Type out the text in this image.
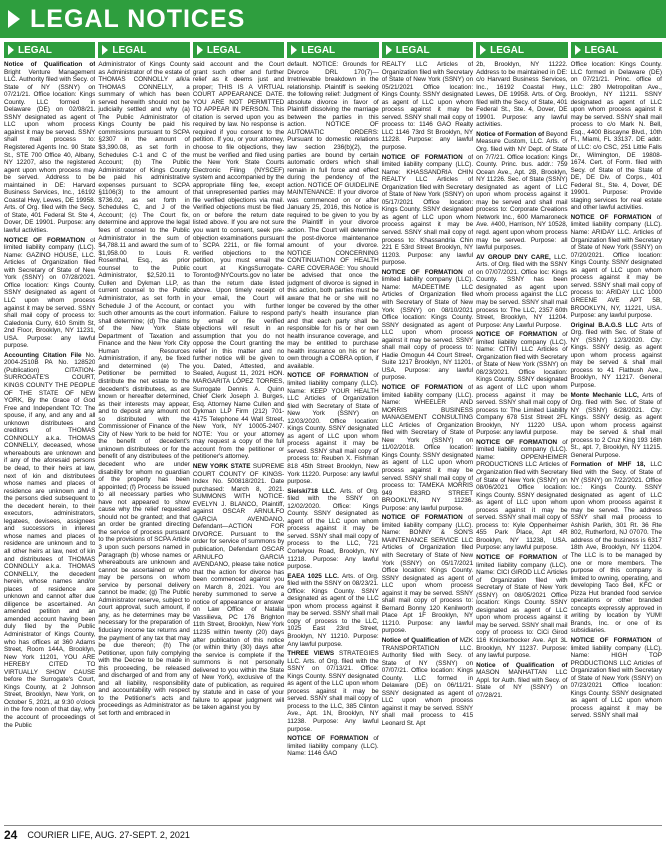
LEGAL NOTICES
LEGAL

Notice of Qualification of Bright Venture Management LLC. Authority filed with Secy. of State of NY (SSNY) on 07/21/21. Office location: Kings County. LLC formed in Delaware (DE) on 02/08/21. SSNY designated as agent of LLC upon whom process against it may be served. SSNY shall mail process to: Registered Agents Inc. 90 State St., STE 700 Office 40, Albany, NY 12207, also the registered agent upon whom process may be served. Address to be maintained in DE: Harvard Business Services, Inc., 16192 Coastal Hwy, Lewes, DE 19958. Arts. of Org. filed with the Secy. of State, 401 Federal St. Ste 4, Dover, DE 19901. Purpose: any lawful activities.

NOTICE OF FORMATION of limited liability company (LLC). Name: GAZINO HOUSE, LLC. Articles of Organization filed with Secretary of State of New York (SSNY) on 07/28/2021. Office location: Kings County. SSNY designated as agent of LLC upon whom process against it may be served. SSNY shall mail copy of process to: Caledonia Curry, 610 Smith St, 2nd Floor, Brooklyn, NY 11231, USA. Purpose: any lawful purpose.

Accounting Citation File No. 2004-2510B PA No. 128520 (Publication) CITATION-SURROGATE'S COURT, KINGS COUNTY THE PEOPLE OF THE STATE OF NEW YORK, By the Grace of God Free and Independent TO: The spouse, if any, and any and all unknown distributees and creditors of THOMAS CONNOLLY a.k.a. THOMAS CONNELLY, deceased, whose whereabouts are unknown and if any of the aforesaid persons be dead, to their heirs at law, next of kin and distributees whose names and places of residence are unknown and if the persons died subsequent to the decedent herein, to their executors, administrators, legatees, devisees, assignees and successors in interest whose names and places of residence are unknown and to all other heirs at law, next of kin and distributees of THOMAS CONNOLLY a.k.a. THOMAS CONNELLY, the decedent herein, whose names and/or places of residence are unknown and cannot after due diligence be ascertained. An amended petition and an amended account having been duly filed by the Public Administrator of Kings County, who has offices at 360 Adams Street, Room 144A, Brooklyn, New York 11201, YOU ARE HEREBY CITED TO VIRTUALLY SHOW CAUSE before the Surrogate's Court, Kings County, at 2 Johnson Street, Brooklyn, New York, on October 5, 2021, at 9:30 o'clock in the fore noon of that day, why the account of proceedings of the Public

LEGAL

Administrator of Kings County as Administrator of the estate of THOMAS CONNOLLY a/k/a THOMAS CONNELLY, a summary of which has been served herewith should not be judicially settled and why (a) The Public Administrator of Kings County be paid his commissions pursuant to SCPA §2307 in the amount of $3,390.08, as set forth in Schedules C-1 and C of the Account; (b) The Public Administrator of Kings County be paid his administrative expenses pursuant to SCPA §1106(3) to the amount of $736.02, as set forth in Schedules C, and J of the Account; (c) The Court fix, determine and approve the legal fees of counsel to the Public Administrator in the sum of $4,788.11 and award the sum of $1,958.00 to Louis R. Rosenthal, Esq., as prior counsel to the Public Administrator, $2,520.11 to Cullen and Dykman LLP, as current counsel to the Public Administrator, as set forth in Schedule J of the Account, or such other amounts as the court shall determine; (d) The claims of the New York State Department of Taxation and Finance and the New York City Human Resources Administration, if any, be fixed and determined (e) The Petitioner be permitted to distribute the net estate to the decedent's distributees, as are known or hereafter determined, as their interests may appear, and to deposit any amount not so distributed with the Commissioner of Finance of the City of New York to be held for the benefit of decedent's unknown distributees or for the benefit of any distributees of the decedent who are under disability for whom no guardian of the property has been appointed; (f) Process be issued to all necessary parties who have not appeared to show cause why the relief requested should not be granted; and that an order be granted directing the service of process pursuant to the provisions of SCPA Article 3 upon such persons named in Paragraph (b) whose names or whereabouts are unknown and cannot be ascertained or who may be persons on whom service by personal delivery cannot be made; (g) The Public Administrator reserve, subject to court approval, such amount, if any, as he determines may be necessary for the preparation of fiduciary income tax returns and the payment of any tax that may be due thereon; (h) The Petitioner, upon fully complying with the Decree to be made in this proceeding, be released and discharged of and from any and all liability, responsibility and accountability with respect to the Petitioner's acts and proceedings as Administrator as set forth and embraced in

LEGAL

said account and the Court grant such other and further relief as it deems just and proper; THIS IS A VIRTUAL COURT APPEARANCE DATE. YOU ARE NOT PERMITTED TO APPEAR IN PERSON. This citation is served upon you as required by law. No response is required if you consent to the petition. If you, or your attorney, choose to file objections, they must be verified and filed using the New York State Courts Electronic Filing (NYSCEF) system and accompanied by the appropriate filing fee, except that unrepresented parties may file verified objections via mail. Verified objections must be filed on or before the return date listed above. If you are not sure you want to consent, seek pre-objection examinations pursuant to SCPA 2211, or file formal verified objections to the petition, you must email the court at KingsSurrogate-Toronto@NYCourts.gov no later than the return date listed above. Upon timely receipt of your email, the Court will contact you with further information. Failure to respond by email or file verified objections will result in an assumption that you do not oppose the Court granting the relief in this matter and no further notice will be given to you. Dated, Attested, and Sealed, August 11, 2021 HON. MARGARITA LÓPEZ TORRES, Surrogate Dennis A. Quinn Chief Clerk Joseph J. Burges, Esq. Attorney Name Cullen and Dykman LLP Firm (212) 701-4175 Telephone 44 Wall Street, New York, NY 10005-2407. NOTE: You or your attorney may request a copy of the full account from the petitioner or petitioner's attorney.

NEW YORK STATE SUPREME COURT COUNTY OF KINGS- Index No. 500818/2021. Date purchased: March 8, 2021. SUMMONS WITH NOTICE. EVELYN J. BLANCO, Plaintiff, against OSCAR ARNULFO GARCIA AVENDANO, Defendant—ACTION FOR DIVORCE. Pursuant to the order for service of summons by publication, Defendant OSCAR ARNULFO GARCIA AVENDANO, please take notice that the action for divorce has been commenced against you on March 8, 2021. You are hereby summoned to serve a notice of appearance or answer on Law Office of Natalia Vassilieva, PC 176 Brighton 11th Street, Brooklyn, New York 11235 within twenty (20) days after publication of this notice (or within thirty (30) days after the service is complete if the summons is not personally delivered to you within the State of New York), exclusive of the date of publication, as required by statute and in case of your failure to appear judgment will be taken against you by

LEGAL

default. NOTICE: Grounds for Divorce DRL 170(7)—Irretrievable breakdown in the relationship. Plaintiff is seeking the following relief: Judgment of absolute divorce in favor of Plaintiff dissolving the marriage between the parties in this action. NOTICE OF AUTOMATIC ORDERS: Pursuant to domestic relations law section 236(b)(2), the parties are bound by certain automatic orders which shall remain in full force and effect during the pendency of the action. NOTICE OF GUIDELINE MAINTENANCE: If your divorce was commenced on or after January 25, 2016, this Notice is required to be given to you by the Plaintiff in your divorce action. The Court will determine the post-divorce maintenance amount of your divorce. NOTICE CONCERNING CONTINUATION OF HEALTH CARE COVERAGE: You should be advised that once the judgment of divorce is signed in this action, both parties must be aware that he or she will no longer be covered by the other party's health insurance plan and that each party shall be responsible for his or her own health insurance coverage, and may be entitled to purchase health insurance on his or her own through a COBRA option, if available.

NOTICE OF FORMATION of limited liability company (LLC). Name: KEEP YOUR HEALTH LLC Articles of Organization filed with Secretary of State of New York (SSNY) on 12/03/2020. Office location: Kings County. SSNY designated as agent of LLC upon whom process against it may be served. SSNY shall mail copy of process to: Reuben X. Fishman 818 45th Street Brooklyn, New York 11220. Purpose: any lawful purpose.

Sielski718 LLC. Arts. of Org. filed with the SSNY on 12/02/2020. Office: Kings County. SSNY designated as agent of the LLC upon whom process against it may be served. SSNY shall mail copy of process to the LLC, 721 Cortelyou Road, Brooklyn, NY 11218. Purpose: Any lawful purpose.

EAEA 1025 LLC. Arts. of Org. filed with the SSNY on 08/23/21. Office: Kings County. SSNY designated as agent of the LLC upon whom process against it may be served. SSNY shall mail copy of process to the LLC, 1025 East 23rd Street, Brooklyn, NY 11210. Purpose: Any lawful purpose.

THREE VIEWS STRATEGIES LLC. Arts. of Org. filed with the SSNY on 07/13/21. Office: Kings County. SSNY designated as agent of the LLC upon whom process against it may be served. SSNY shall mail copy of process to the LLC, 385 Clinton Ave., Apt. 1N, Brooklyn, NY 11238. Purpose: Any lawful purpose.

NOTICE OF FORMATION of limited liability company (LLC). Name: 1146 GAO

LEGAL

REALTY LLC Articles of Organization filed with Secretary of State of New York (SSNY) on 05/21/2021 Office location: Kings County. SSNY designated as agent of LLC upon whom process against it may be served. SSNY shall mail copy of process to: 1146 GAO Realty LLC 1146 73rd St Brooklyn, NY 11228. Purpose: any lawful purpose.

NOTICE OF FORMATION of limited liability company (LLC). Name: KHASSANDRIA CHIN REALTY LLC Articles of Organization filed with Secretary of State of New York (SSNY) on 05/17/2021 Office location: Kings County. SSNY designated as agent of LLC upon whom process against it may be served. SSNY shall mail copy of process to: Khassandria Chin 221 E 53rd Street Brooklyn, NY 11203. Purpose: any lawful purpose.

NOTICE OF FORMATION of limited liability company (LLC). Name: MADEETIME LLC Articles of Organization filed with Secretary of State of New York (SSNY) on 08/10/2021 Office location: Kings County. SSNY designated as agent of LLC upon whom process against it may be served. SSNY shall mail copy of process to: Hadie Omogun 44 Court Street, Suite 1217 Brooklyn, NY 11201, USA. Purpose: any lawful purpose.

NOTICE OF FORMATION of limited liability company (LLC). Name: WHEELER AND MORRIS BUSINESS MANAGEMENT CONSULTING LLC Articles of Organization filed with Secretary of State of New York (SSNY) on 11/02/2018. Office location: Kings County. SSNY designated as agent of LLC upon whom process against it may be served. SSNY shall mail copy of process to: TAMEKA MORRIS 949 E83RD STREET BROOKLYN, NY 11236. Purpose: any lawful purpose.

NOTICE OF FORMATION of limited liability company (LLC). Name: BONNY & SON'S MAINTENANCE SERVICE LLC Articles of Organization filed with Secretary of State of New York (SSNY) on 05/17/2021 Office location: Kings County. SSNY designated as agent of LLC upon whom process against it may be served. SSNY shall mail copy of process to: Bernard Bonny 120 Kenilworth Place Apt 1F Brooklyn, NY 11210. Purpose: any lawful purpose.

Notice of Qualification of MZK TRANSPORTATION LLC. Authority filed with Secy. of State of NY (SSNY) on 07/07/21. Office location: Kings County. LLC formed in Delaware (DE) on 06/11/21. SSNY designated as agent of LLC upon whom process against it may be served. SSNY shall mail process to 415 Leonard St. Apt

LEGAL

2b, Brooklyn, NY 11222. Address to be maintained in DE: c/o Harvard Business Services, Inc., 16192 Coastal Hwy., Lewes, DE 19958. Arts. of Org. filed with the Secy. of State, 401 Federal St., Ste. 4, Dover, DE 19901. Purpose: any lawful activities.

Notice of Formation of Beyond Measure Custom, LLC. Arts. of Org. filed with NY Dept. of State on 7/7/21. Office location: Kings County. Princ. bus. addr.: 759 Ocean Ave., Apt. 2B, Brooklyn, NY 11226. Sec. of State (SSNY) designated as agent of LLC upon whom process against it may be served and shall mail process to: Corporate Creations Network Inc., 600 Mamaroneck Ave. #400, Harrison, NY 10528, regd. agent upon whom process may be served. Purpose: all lawful purposes.

AV GROUP DNY CARE, LLC. Arts. of Org. filed with the SSNY on 07/07/2021. Office loc: Kings County. SSNY has been designated as agent upon whom process against the LLC may be served. SSNY shall mail process to: The LLC, 2357 60th Street, Brooklyn, NY 11204. Purpose: Any Lawful Purpose.

NOTICE OF FORMATION of limited liability company (LLC). Name: CITIVI LLC Articles of Organization filed with Secretary of State of New York (SSNY) on 08/23/2021. Office location: Kings County. SSNY designated as agent of LLC upon whom process against it may be served. SSNY shall mail copy of process to: The Limited Liability Company 678 51st Street 2FL Brooklyn, NY 11220 USA. Purpose: any lawful purpose.

NOTICE OF FORMATION of limited liability company (LLC). Name: OPPENHEIMER PRODUCTIONS LLC Articles of Organization filed with Secretary of State of New York (SSNY) on 08/06/2021 Office location: Kings County. SSNY designated as agent of LLC upon whom process against it may be served. SSNY shall mail copy of process to: Kyle Oppenheimer 455 Park Place, Apt 4R Brooklyn, NY 11238, USA. Purpose: any lawful purpose.

NOTICE OF FORMATION of limited liability company (LLC). Name: CICI GIROD LLC Articles of Organization filed with Secretary of State of New York (SSNY) on 08/05/2021 Office location: Kings County. SSNY designated as agent of LLC upon whom process against it may be served. SSNY shall mail copy of process to: CiCi Girod 116 Knickerbocker Ave. Apt 3L Brooklyn, NY 11237. Purpose: any lawful purpose.

Notice of Qualification of MASON MANHATTAN LLC Appl. for Auth. filed with Secy. of State of NY (SSNY) on 07/28/21.

LEGAL

Office location: Kings County. LLC formed in Delaware (DE) on 07/21/21. Princ. office of LLC: 280 Metropolitan Ave., Brooklyn, NY 11211. SSNY designated as agent of LLC upon whom process against it may be served. SSNY shall mail process to c/o Mark N. Bell, Esq., 4400 Biscayne Blvd., 10th Fl., Miami, FL 33137. DE addr. of LLC: c/o CSC, 251 Little Falls Dr., Wilmington, DE 19808-1674. Cert. of Form. filed with Secy. of State of the State of DE, DE Div. of Corps., 401 Federal St., Ste. 4, Dover, DE 19901. Purpose: Provide staging services for real estate and other lawful activities.

NOTICE OF FORMATION of limited liability company (LLC). Name: ARIDAY LLC. Articles of Organization filed with Secretary of State of New York (SSNY) on 07/20/2021. Office location: Kings County. SSNY designated as agent of LLC upon whom process against it may be served. SSNY shall mail copy of process to: ARIDAY LLC 1000 GREENE AVE APT 5B, BROOKLYN, NY, 11221, USA. Purpose: any lawful purpose.

Original B.A.G.S LLC Arts of Org. filed with Sec. of State of NY (SSNY) 12/3/2020. Cty: Kings. SSNY desig. as agent upon whom process against may be served & shall mail process to 41 Flatbush Ave., Brooklyn, NY 11217. General Purpose.

Monte Mechanic LLC, Arts of Org. filed with Sec. of State of NY (SSNY) 6/28/2021. Cty: Kings. SSNY desig. as agent upon whom process against may be served & shall mail process to 2 Cruz King 193 16th St., apt. 7, Brooklyn, NY 11215. General Purpose.

Formation of MHF 18, LLC filed with the Secy. of State of NY (SSNY) on 7/22/2021. Office loc.: Kings County. SSNY designated as agent of LLC upon whom process against it may be served. The address SSNY shall mail process to Ashish Parikh, 301 Rt. 36 Rte 802, Rutherford, NJ 07070. The address of the business is 6317 18th Ave, Brooklyn, NY 11204. The LLC is to be managed by one or more members. The purpose of this company is limited to owning, operating, and developing Taco Bell, KFC or Pizza Hut branded food service operations or other branded concepts expressly approved in writing by location by YUM! Brands, Inc. or one of its subsidiaries.

NOTICE OF FORMATION of limited liability company (LLC). Name: HIGH TOP PRODUCTIONS LLC Articles of Organization filed with Secretary of State of New York (SSNY) on 07/23/2021 Office location: Kings County. SSNY designated as agent of LLC upon whom process against it may be served. SSNY shall mail

24 COURIER LIFE, AUG. 27-SEPT. 2, 2021
